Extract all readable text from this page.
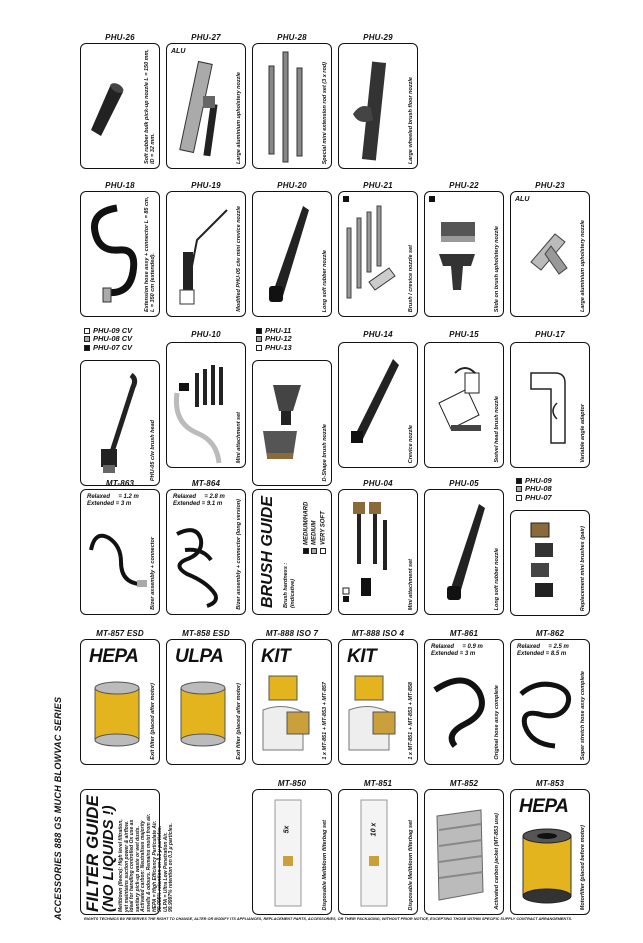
ACCESSORIES 888 GS MUCH BLOWVAC SERIES
PHU-26
Soft rubber bulk pick-up nozzle L = 150 mm, ID = 32 mm.
PHU-27
ALU
Large aluminium upholstery nozzle
PHU-28
Special mini extension rod set (3 x rod)
PHU-29
Large wheeled brush floor nozzle
PHU-18
Extension hose assy + connector L = 85 cm, L = 350 cm (extended).
PHU-19
Modified PHU-05 c/w mini crevice nozzle
PHU-20
Long soft rubber nozzle
PHU-21
Brush / crevice nozzle set
PHU-22
Slide on brush upholstery nozzle
PHU-23
ALU
Large aluminium upholstery nozzle
PHU-09 CV
PHU-08 CV
PHU-07 CV
PHU-05 c/w brush head
PHU-10
Mini attachment set
PHU-11
PHU-12
PHU-13
D-Shape brush nozzle
PHU-14
Crevice nozzle
PHU-15
Swivel head brush nozzle
PHU-17
Variable angle adaptor
MT-863
Relaxed     = 1.2 m
Extended = 3 m
Bizer assembly + connector
MT-864
Relaxed     = 2.8 m
Extended = 9.1 m	Bizer assembly + connector (long version) BRUSH GUIDE Brush hardness :
(indicative)
MEDIUM/HARD MEDIUM VERY SOFT
PHU-04
Mini attachment set
PHU-05
Long soft rubber nozzle
PHU-09
PHU-08
PHU-07
Replacement mini brushes (pair)
MT-857 ESD
HEPA
Exit filter (placed after motor)
MT-858 ESD
ULPA
Exit filter (placed after motor)
MT-888 ISO 7
KIT
1 x MT-851 + MT-853 + MT-857
MT-888 ISO 4
KIT
1 x MT-851 + MT-853 + MT-858
MT-861
Relaxed     = 0.9 m
Extended = 3 m
Original hose assy complete
MT-862
Relaxed     = 2.5 m
Extended = 8.5 m
Super stretch hose assy complete
FILTER GUIDE
(NO LIQUIDS !) Meltblown (fleece): High level filtration, yet maintains suction power & airflow. Ideal for handling controlled Ox use as sanitary pick-up waste or wet dusts. Activated carbon: Neutralises majority smells & odours. Remains moist from air. HEPA = High Efficiency Particulate Air. 99.995% retention on 0.3 μ particles. ULPA = Ultra Low Penetration Air. 99.9997% retention on 0.3 μ particles.
MT-850
5x	Disposable Meltblown filterbag set
MT-851
10 x	Disposable Meltblown filterbag set
MT-852
Activated carbon jacket (MT-853 use)
MT-853
HEPA
Motorfilter (placed before motor)
RIGHTS TECHNICS BV RESERVES THE RIGHT TO CHANGE, ALTER OR MODIFY ITS APPLIANCES, REPLACEMENT PARTS, ACCESSORIES, OR THEIR PACKAGING, WITHOUT PRIOR NOTICE, EXCEPTING THOSE WITHIN SPECIFIC SUPPLY CONTRACT ARRANGEMENTS.
